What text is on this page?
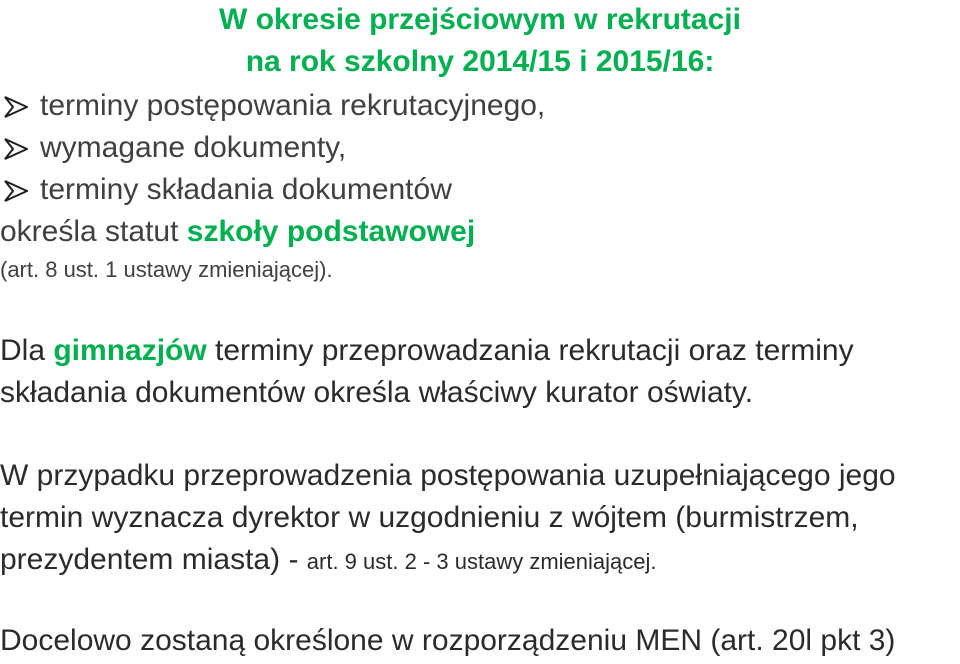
W okresie przejściowym w rekrutacji
na rok szkolny 2014/15 i 2015/16:
terminy postępowania rekrutacyjnego,
wymagane dokumenty,
terminy składania dokumentów
określa statut szkoły podstawowej
(art. 8 ust. 1 ustawy zmieniającej).
Dla gimnazjów terminy przeprowadzania rekrutacji oraz terminy
składania dokumentów określa właściwy kurator oświaty.
W przypadku przeprowadzenia postępowania uzupełniającego jego
termin wyznacza dyrektor w uzgodnieniu z wójtem (burmistrzem,
prezydentem miasta) - art. 9 ust. 2 - 3 ustawy zmieniającej.
Docelowo zostaną określone w rozporządzeniu MEN (art. 20l pkt 3)
